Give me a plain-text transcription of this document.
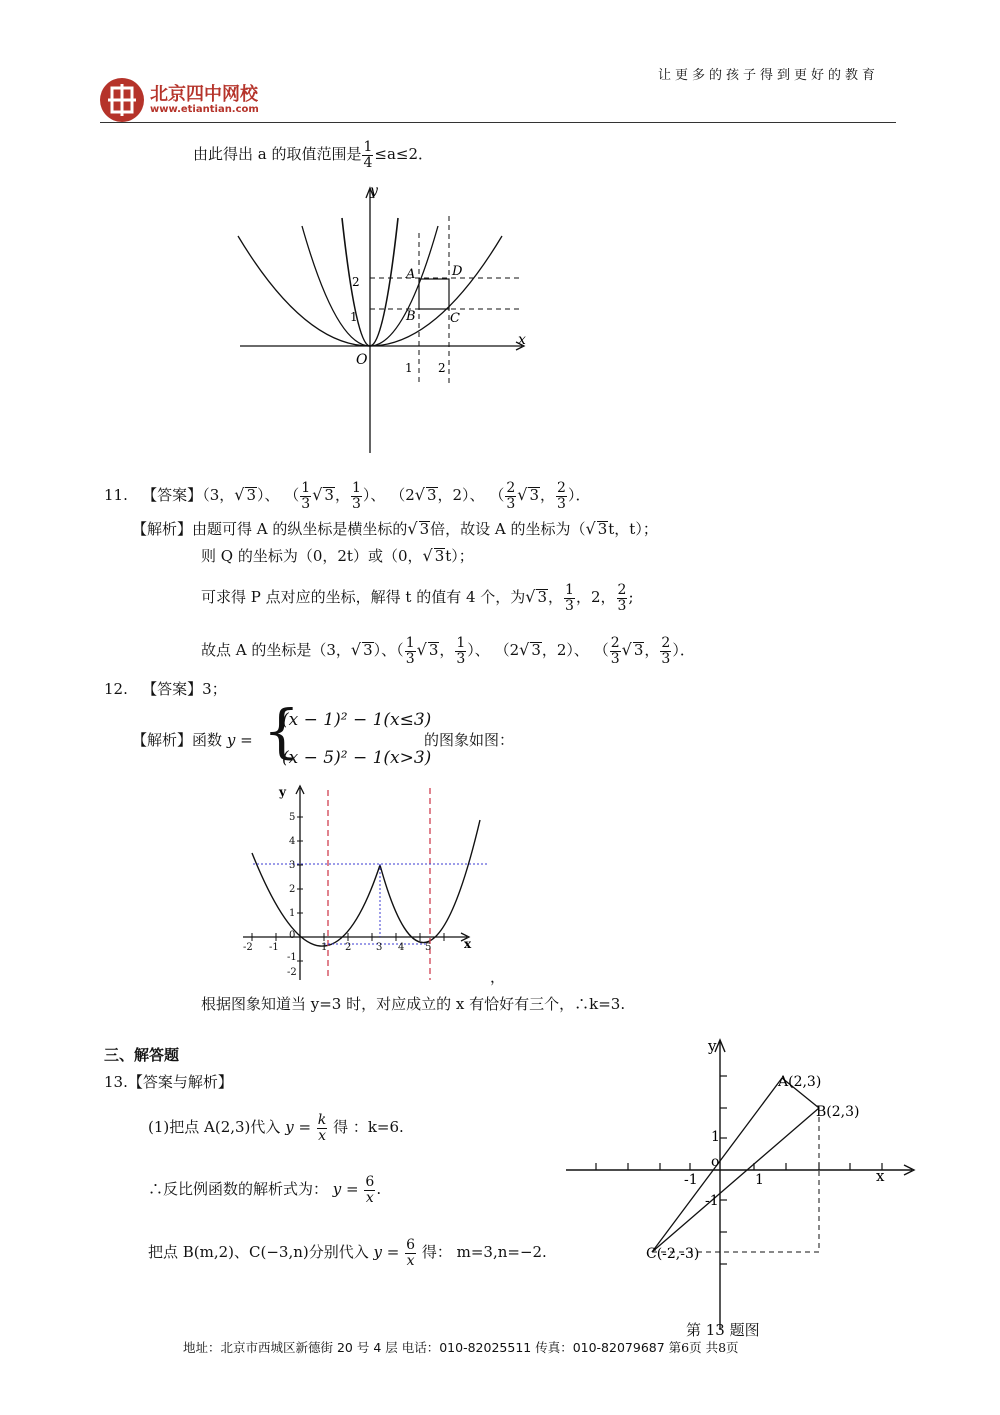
让更多的孩子得到更好的教育
北京四中网校
www.etiantian.com
由此得出 a 的取值范围是 $\frac{1}{4} \le a\le 2$．
y
x
O
A	D
B	C
2
1
1 2
11. 【答案】（3，√ 3）、 （ $\frac{1}{3}$ √ 3， $\frac{1}{3}$ ）、 （2√ 3，2）、 （ $\frac{2}{3}$ √ 3， $\frac{2}{3}$ ）．
【解析】由题可得 A 的纵坐标是横坐标的√ 3倍，故设 A 的坐标为（√ 3t，t）；
则 Q 的坐标为（0，2t）或（0，√ 3t）；
可求得 P 点对应的坐标，解得 t 的值有 4 个，为√ 3， $\frac{1}{3}$ ，2， $\frac{2}{3}$ ;
故点 A 的坐标是（3，√ 3）、（ $\frac{1}{3}$ √ 3， $\frac{1}{3}$ ）、 （2√ 3，2）、 （ $\frac{2}{3}$ √ 3， $\frac{2}{3}$ ）．
12. 【答案】3；
【解析】函数 y = {
(x − 1)² − 1(x≤3)
(x − 5)² − 1(x>3)
的图象如图：
-2 -1
0
1 2 3 4 5
5
4
3
2
1
-1
-2
y
x
，
根据图象知道当 y=3 时，对应成立的 x 有恰好有三个，∴k=3.
三、解答题
13.【答案与解析】
(1)把点 A(2,3)代入 $y = \frac{k}{x}$ 得 ：k=6.
∴反比例函数的解析式为： $y = \frac{6}{x}$ .
把点 B(m,2)、C(−3,n)分别代入 $y = \frac{6}{x}$ 得： m=3,n=−2.
A(2,3)
B(2,3)
C(-2,-3)
1
1
-1
-1
o
x
y
第 13 题图
地址：北京市西城区新德街 20 号 4 层 电话：010-82025511 传真：010-82079687 第6页 共8页
